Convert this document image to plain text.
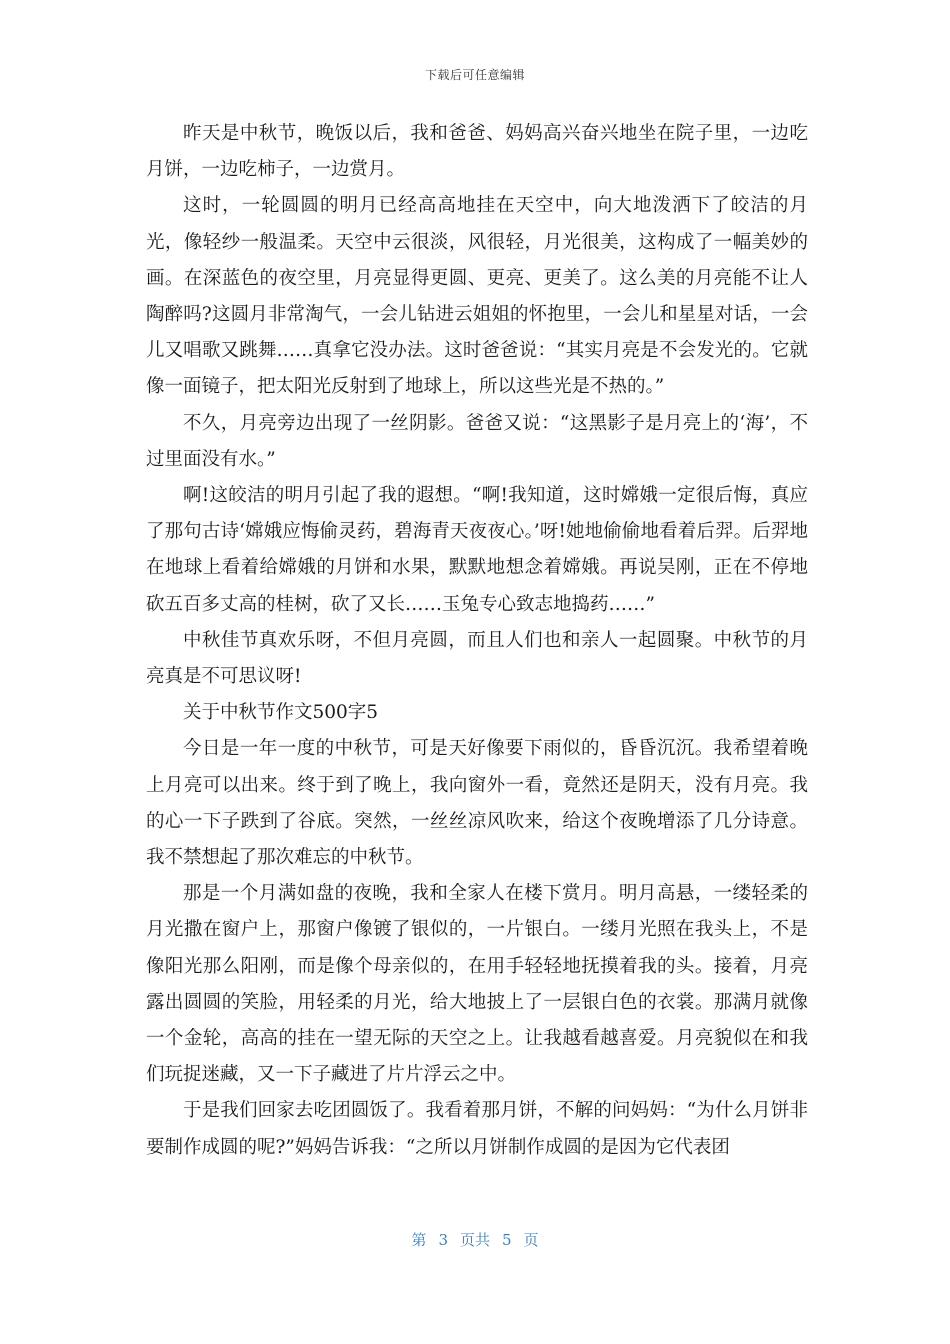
下载后可任意编辑

昨天是中秋节，晚饭以后，我和爸爸、妈妈高兴奋兴地坐在院子里，一边吃月饼，一边吃柿子，一边赏月。

这时，一轮圆圆的明月已经高高地挂在天空中，向大地泼洒下了皎洁的月光，像轻纱一般温柔。天空中云很淡，风很轻，月光很美，这构成了一幅美妙的画。在深蓝色的夜空里，月亮显得更圆、更亮、更美了。这么美的月亮能不让人陶醉吗?这圆月非常淘气，一会儿钻进云姐姐的怀抱里，一会儿和星星对话，一会儿又唱歌又跳舞……真拿它没办法。这时爸爸说：“其实月亮是不会发光的。它就像一面镜子，把太阳光反射到了地球上，所以这些光是不热的。”

不久，月亮旁边出现了一丝阴影。爸爸又说：“这黑影子是月亮上的‘海’，不过里面没有水。”

啊!这皎洁的明月引起了我的遐想。“啊!我知道，这时嫦娥一定很后悔，真应了那句古诗‘嫦娥应悔偷灵药，碧海青天夜夜心。’呀!她地偷偷地看着后羿。后羿地在地球上看着给嫦娥的月饼和水果，默默地想念着嫦娥。再说吴刚，正在不停地砍五百多丈高的桂树，砍了又长……玉兔专心致志地捣药……”

中秋佳节真欢乐呀，不但月亮圆，而且人们也和亲人一起圆聚。中秋节的月亮真是不可思议呀!

关于中秋节作文500字5

今日是一年一度的中秋节，可是天好像要下雨似的，昏昏沉沉。我希望着晚上月亮可以出来。终于到了晚上，我向窗外一看，竟然还是阴天，没有月亮。我的心一下子跌到了谷底。突然，一丝丝凉风吹来，给这个夜晚增添了几分诗意。我不禁想起了那次难忘的中秋节。

那是一个月满如盘的夜晚，我和全家人在楼下赏月。明月高悬，一缕轻柔的月光撒在窗户上，那窗户像镀了银似的，一片银白。一缕月光照在我头上，不是像阳光那么阳刚，而是像个母亲似的，在用手轻轻地抚摸着我的头。接着，月亮露出圆圆的笑脸，用轻柔的月光，给大地披上了一层银白色的衣裳。那满月就像一个金轮，高高的挂在一望无际的天空之上。让我越看越喜爱。月亮貌似在和我们玩捉迷藏，又一下子藏进了片片浮云之中。

于是我们回家去吃团圆饭了。我看着那月饼，不解的问妈妈：“为什么月饼非要制作成圆的呢?”妈妈告诉我：“之所以月饼制作成圆的是因为它代表团

第 3 页共 5 页
